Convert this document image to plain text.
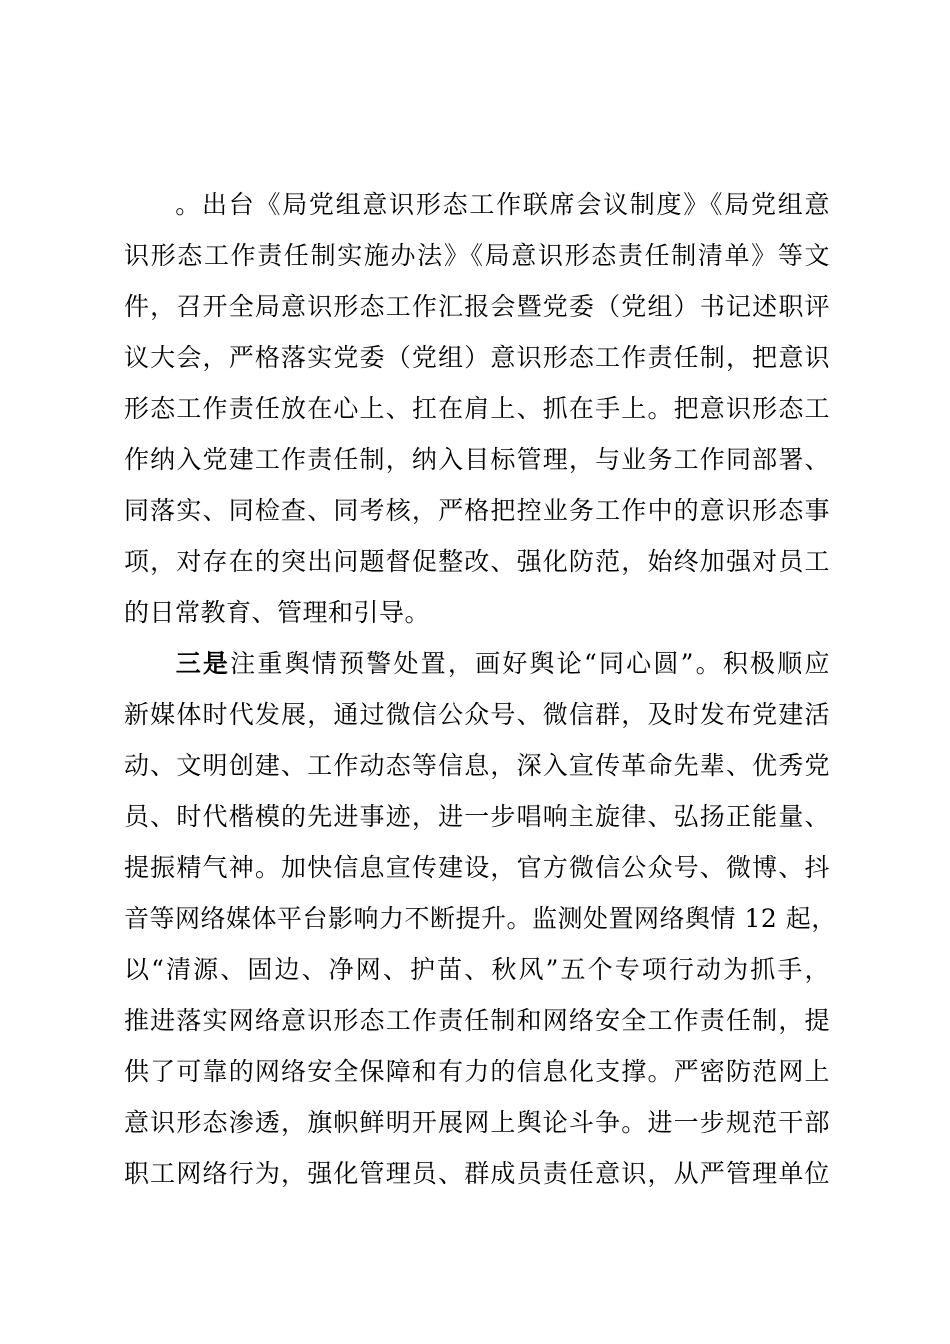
。出台《局党组意识形态工作联席会议制度》《局党组意
识形态工作责任制实施办法》《局意识形态责任制清单》等文
件，召开全局意识形态工作汇报会暨党委（党组）书记述职评
议大会，严格落实党委（党组）意识形态工作责任制，把意识
形态工作责任放在心上、扛在肩上、抓在手上。把意识形态工
作纳入党建工作责任制，纳入目标管理，与业务工作同部署、
同落实、同检查、同考核，严格把控业务工作中的意识形态事
项，对存在的突出问题督促整改、强化防范，始终加强对员工
的日常教育、管理和引导。
三是注重舆情预警处置，画好舆论“同心圆”。积极顺应
新媒体时代发展，通过微信公众号、微信群，及时发布党建活
动、文明创建、工作动态等信息，深入宣传革命先辈、优秀党
员、时代楷模的先进事迹，进一步唱响主旋律、弘扬正能量、
提振精气神。加快信息宣传建设，官方微信公众号、微博、抖
音等网络媒体平台影响力不断提升。监测处置网络舆情 12 起，
以“清源、固边、净网、护苗、秋风”五个专项行动为抓手，
推进落实网络意识形态工作责任制和网络安全工作责任制，提
供了可靠的网络安全保障和有力的信息化支撑。严密防范网上
意识形态渗透，旗帜鲜明开展网上舆论斗争。进一步规范干部
职工网络行为，强化管理员、群成员责任意识，从严管理单位
